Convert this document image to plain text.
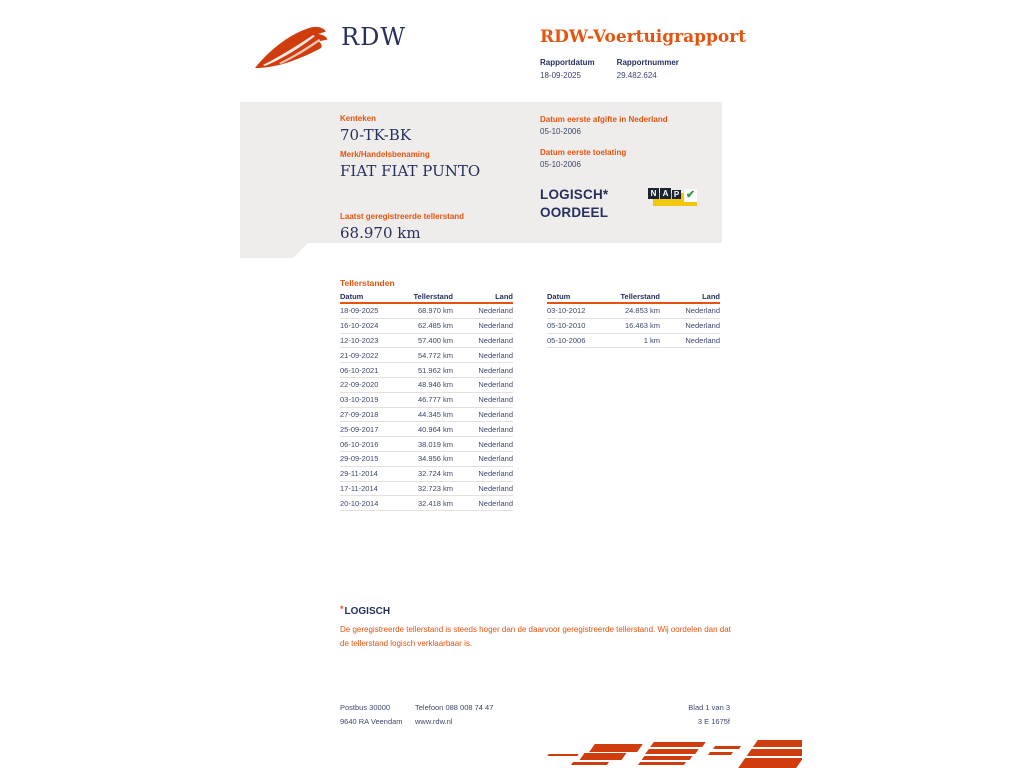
RDW	RDW-Voertuigrapport
Rapportdatum
18-09-2025
Rapportnummer
29.482.624
Kenteken
70-TK-BK
Merk/Handelsbenaming
FIAT FIAT PUNTO
Laatst geregistreerde tellerstand
68.970 km
Datum eerste afgifte in Nederland
05-10-2006
Datum eerste toelating
05-10-2006
LOGISCH*
OORDEEL
N A P ✔
Tellerstanden
Datum	Tellerstand	Land
18-09-2025	68.970 km	Nederland
16-10-2024	62.485 km	Nederland
12-10-2023	57.400 km	Nederland
21-09-2022	54.772 km	Nederland
06-10-2021	51.962 km	Nederland
22-09-2020	48.946 km	Nederland
03-10-2019	46.777 km	Nederland
27-09-2018	44.345 km	Nederland
25-09-2017	40.964 km	Nederland
06-10-2016	38.019 km	Nederland
29-09-2015	34.956 km	Nederland
29-11-2014	32.724 km	Nederland
17-11-2014	32.723 km	Nederland
20-10-2014	32.418 km	Nederland
Datum	Tellerstand	Land
03-10-2012	24.853 km	Nederland
05-10-2010	16.463 km	Nederland
05-10-2006	1 km	Nederland
*LOGISCH
De geregistreerde tellerstand is steeds hoger dan de daarvoor geregistreerde tellerstand. Wij oordelen dan dat de tellerstand logisch verklaarbaar is.
Postbus 30000
9640 RA Veendam
Telefoon 088 008 74 47
www.rdw.nl
Blad 1 van 3
3 E 1675f
